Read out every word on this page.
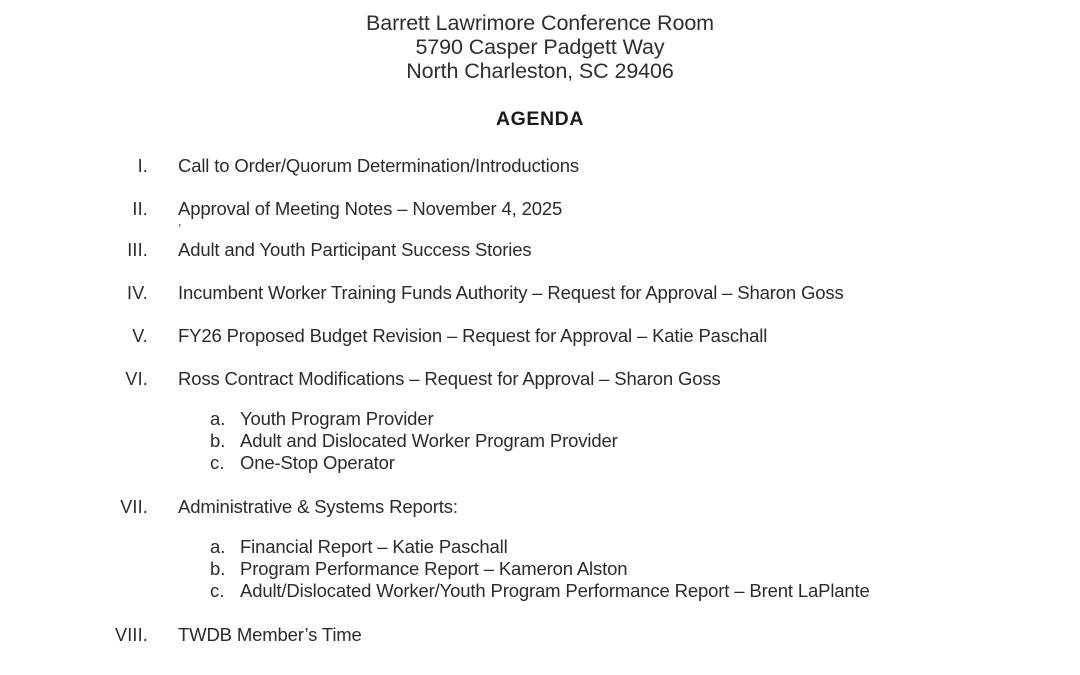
Barrett Lawrimore Conference Room
5790 Casper Padgett Way
North Charleston, SC 29406
AGENDA
I. Call to Order/Quorum Determination/Introductions
II. Approval of Meeting Notes – November 4, 2025
’
III. Adult and Youth Participant Success Stories
IV. Incumbent Worker Training Funds Authority – Request for Approval – Sharon Goss
V. FY26 Proposed Budget Revision – Request for Approval – Katie Paschall
VI. Ross Contract Modifications – Request for Approval – Sharon Goss
a. Youth Program Provider
b. Adult and Dislocated Worker Program Provider
c. One-Stop Operator
VII. Administrative & Systems Reports:
a. Financial Report – Katie Paschall
b. Program Performance Report – Kameron Alston
c. Adult/Dislocated Worker/Youth Program Performance Report – Brent LaPlante
VIII. TWDB Member’s Time
